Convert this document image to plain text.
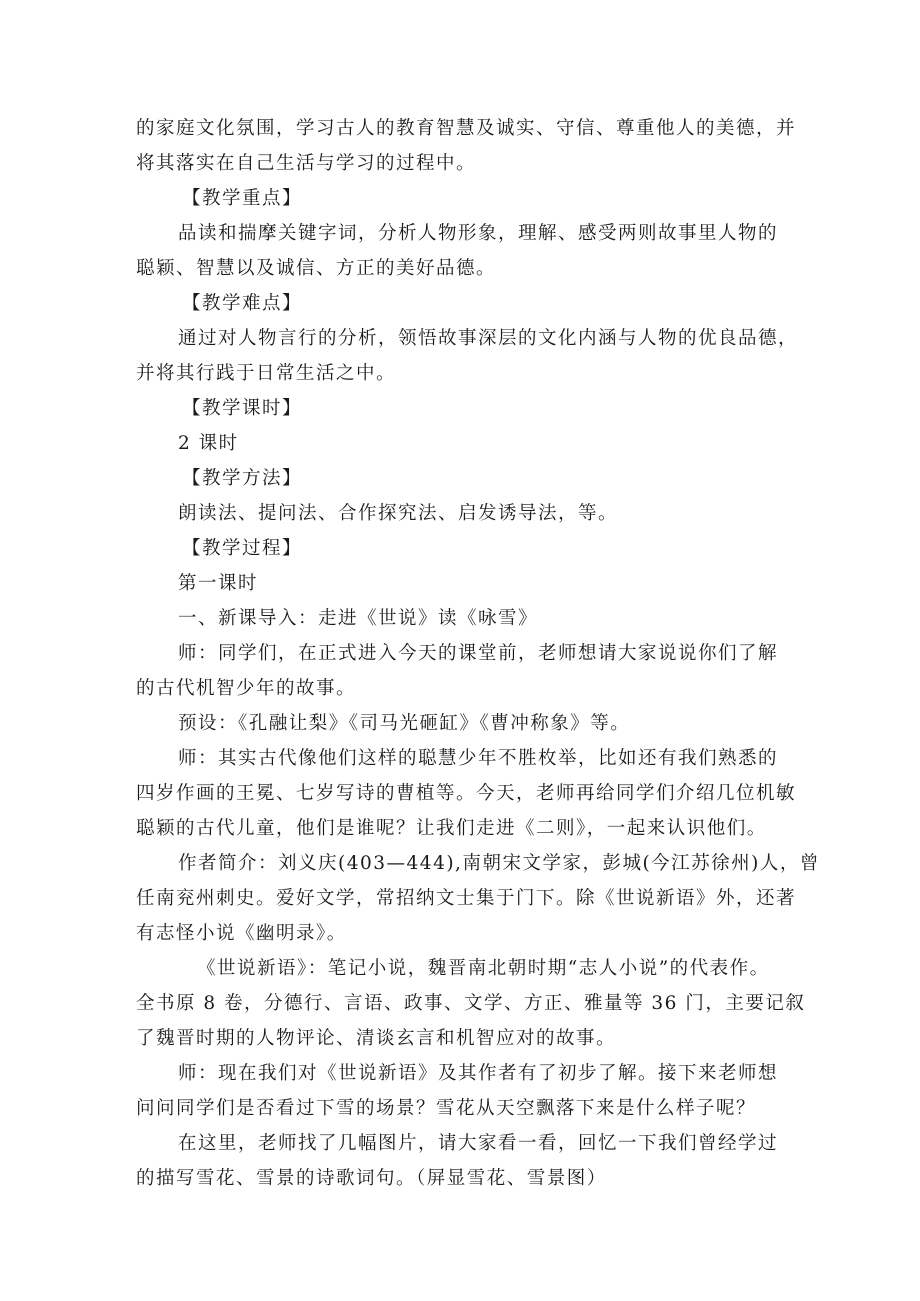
的家庭文化氛围，学习古人的教育智慧及诚实、守信、尊重他人的美德，并
将其落实在自己生活与学习的过程中。
【教学重点】
品读和揣摩关键字词，分析人物形象，理解、感受两则故事里人物的
聪颖、智慧以及诚信、方正的美好品德。
【教学难点】
通过对人物言行的分析，领悟故事深层的文化内涵与人物的优良品德，
并将其行践于日常生活之中。
【教学课时】
2 课时
【教学方法】
朗读法、提问法、合作探究法、启发诱导法，等。
【教学过程】
第一课时
一、新课导入：走进《世说》读《咏雪》
师：同学们，在正式进入今天的课堂前，老师想请大家说说你们了解
的古代机智少年的故事。
预设：《孔融让梨》《司马光砸缸》《曹冲称象》等。
师：其实古代像他们这样的聪慧少年不胜枚举，比如还有我们熟悉的
四岁作画的王冕、七岁写诗的曹植等。今天，老师再给同学们介绍几位机敏
聪颖的古代儿童，他们是谁呢？让我们走进《二则》，一起来认识他们。
作者简介：刘义庆(403—444),南朝宋文学家，彭城(今江苏徐州)人，曾
任南兖州刺史。爱好文学，常招纳文士集于门下。除《世说新语》外，还著
有志怪小说《幽明录》。
《世说新语》：笔记小说，魏晋南北朝时期“志人小说”的代表作。
全书原 8 卷，分德行、言语、政事、文学、方正、雅量等 36 门，主要记叙
了魏晋时期的人物评论、清谈玄言和机智应对的故事。
师：现在我们对《世说新语》及其作者有了初步了解。接下来老师想
问问同学们是否看过下雪的场景？雪花从天空飘落下来是什么样子呢？
在这里，老师找了几幅图片，请大家看一看，回忆一下我们曾经学过
的描写雪花、雪景的诗歌词句。（屏显雪花、雪景图）
